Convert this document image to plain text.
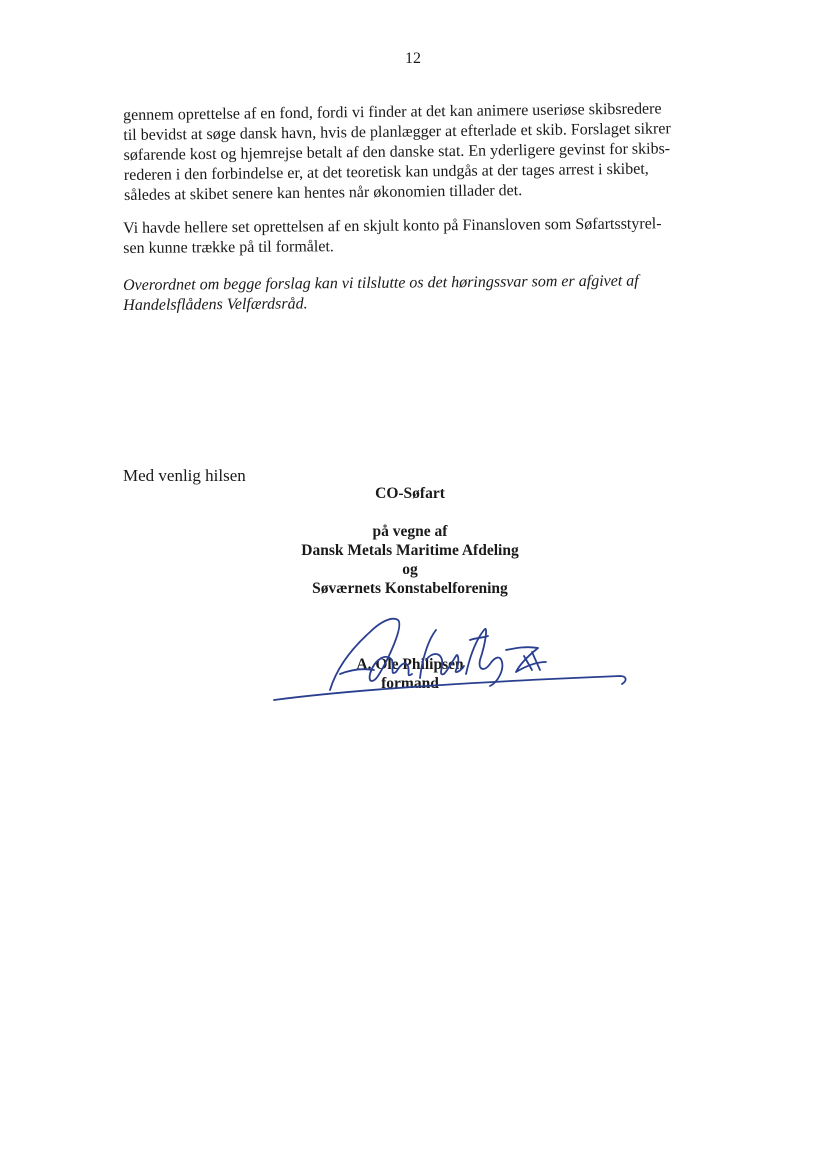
12
gennem oprettelse af en fond, fordi vi finder at det kan animere useriøse skibsredere
til bevidst at søge dansk havn, hvis de planlægger at efterlade et skib. Forslaget sikrer
søfarende kost og hjemrejse betalt af den danske stat. En yderligere gevinst for skibs-
rederen i den forbindelse er, at det teoretisk kan undgås at der tages arrest i skibet,
således at skibet senere kan hentes når økonomien tillader det.
Vi havde hellere set oprettelsen af en skjult konto på Finansloven som Søfartsstyrel-
sen kunne trække på til formålet.
Overordnet om begge forslag kan vi tilslutte os det høringssvar som er afgivet af
Handelsflådens Velfærdsråd.
Med venlig hilsen
CO-Søfart
på vegne af
Dansk Metals Maritime Afdeling
og
Søværnets Konstabelforening
A. Ole Philipsen
formand
